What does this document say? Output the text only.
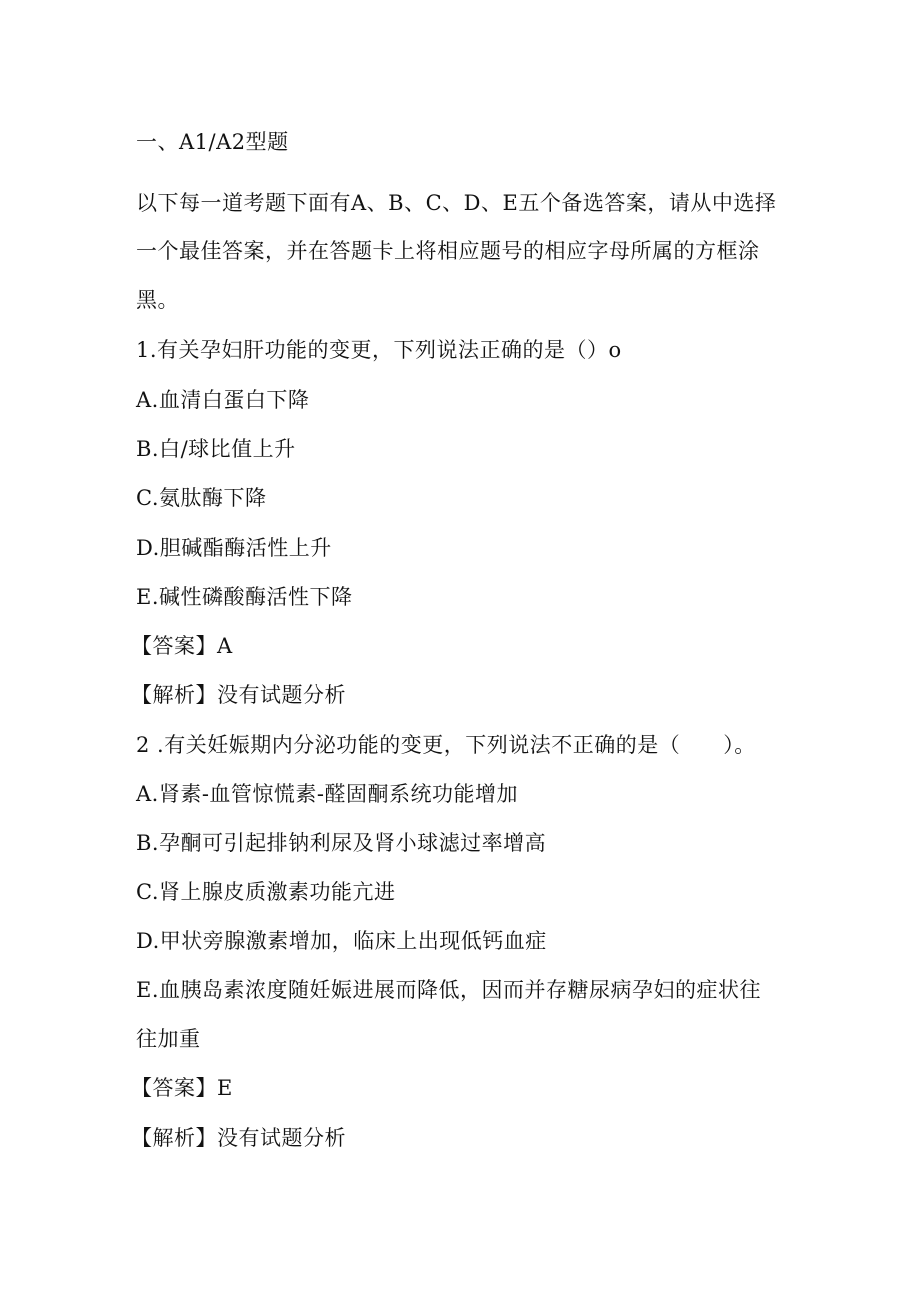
一、A1/A2型题
以下每一道考题下面有A、B、C、D、E五个备选答案，请从中选择
一个最佳答案，并在答题卡上将相应题号的相应字母所属的方框涂
黑。
1.有关孕妇肝功能的变更，下列说法正确的是（）o
A.血清白蛋白下降
B.白/球比值上升
C.氨肽酶下降
D.胆碱酯酶活性上升
E.碱性磷酸酶活性下降
【答案】A
【解析】没有试题分析
2 .有关妊娠期内分泌功能的变更，下列说法不正确的是（　　）。
A.肾素-血管惊慌素-醛固酮系统功能增加
B.孕酮可引起排钠利尿及肾小球滤过率增高
C.肾上腺皮质激素功能亢进
D.甲状旁腺激素增加，临床上出现低钙血症
E.血胰岛素浓度随妊娠进展而降低，因而并存糖尿病孕妇的症状往
往加重
【答案】E
【解析】没有试题分析
